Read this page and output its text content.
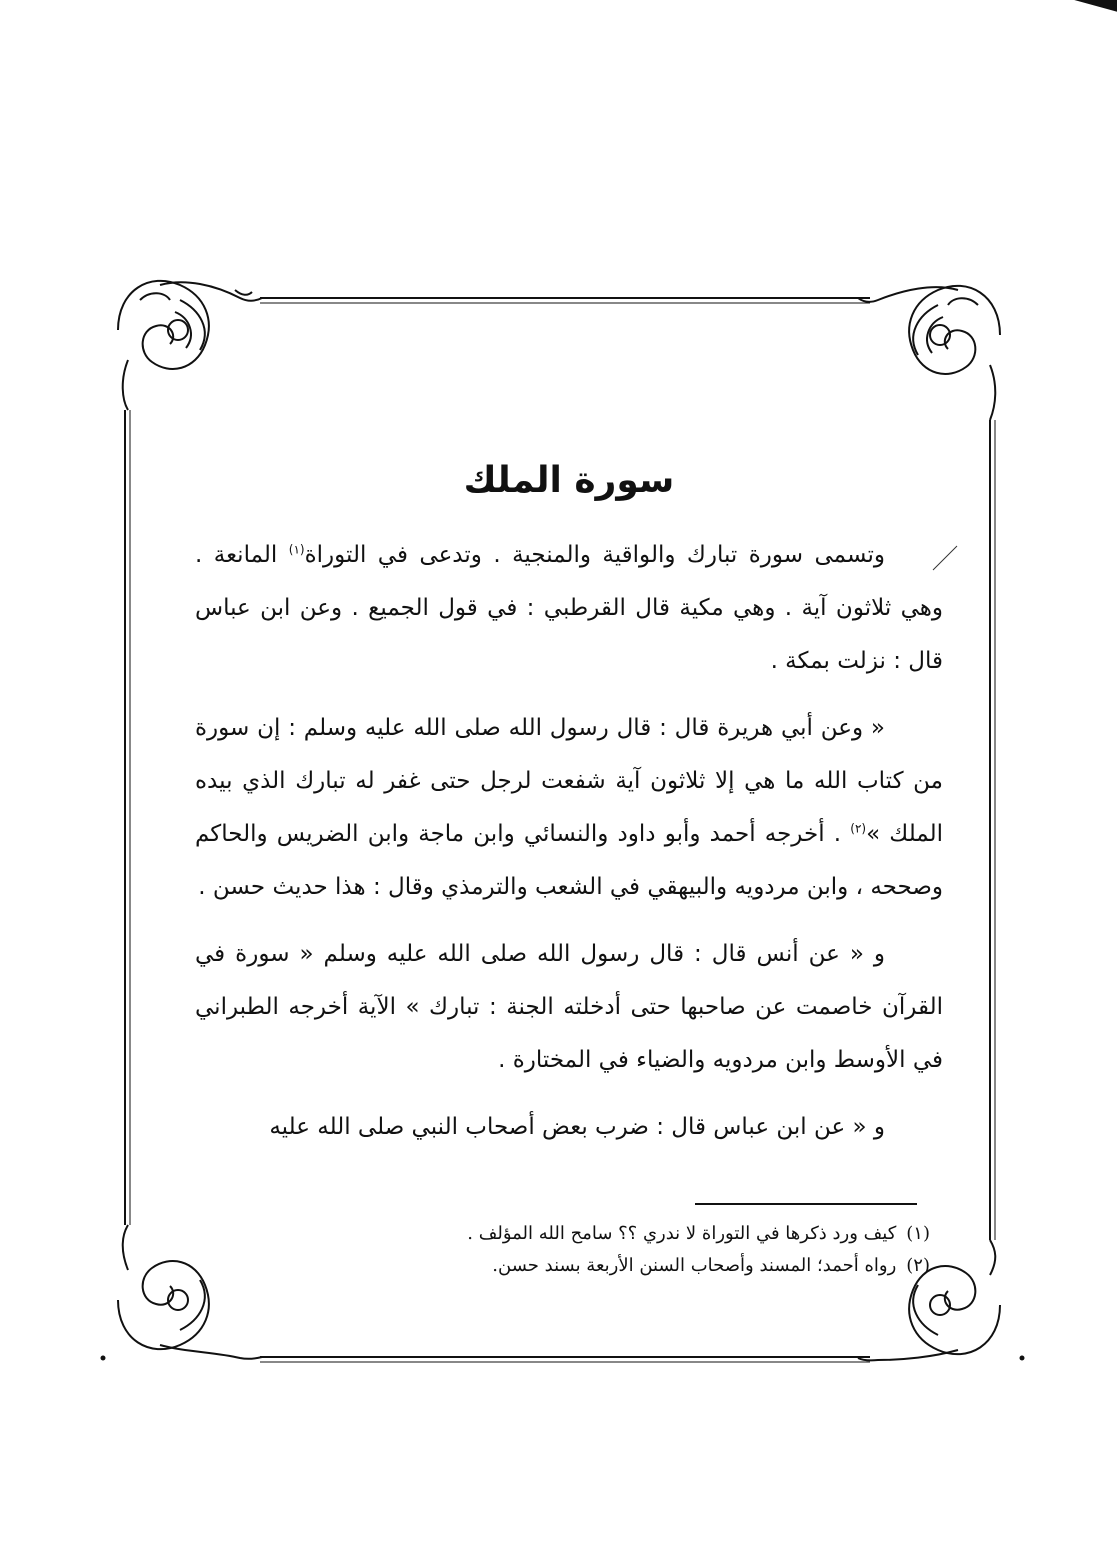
سورة الملك

وتسمى سورة تبارك والواقية والمنجية . وتدعى في التوراة$^{(١)}$ المانعة . وهي ثلاثون آية . وهي مكية قال القرطبي : في قول الجميع . وعن ابن عباس قال : نزلت بمكة .

« وعن أبي هريرة قال : قال رسول الله صلى الله عليه وسلم : إن سورة من كتاب الله ما هي إلا ثلاثون آية شفعت لرجل حتى غفر له تبارك الذي بيده الملك »$^{(٢)}$ . أخرجه أحمد وأبو داود والنسائي وابن ماجة وابن الضريس والحاكم وصححه ، وابن مردويه والبيهقي في الشعب والترمذي وقال : هذا حديث حسن .

و « عن أنس قال : قال رسول الله صلى الله عليه وسلم « سورة في القرآن خاصمت عن صاحبها حتى أدخلته الجنة : تبارك » الآية أخرجه الطبراني في الأوسط وابن مردويه والضياء في المختارة .

و « عن ابن عباس قال : ضرب بعض أصحاب النبي صلى الله عليه

(١)كيف ورد ذكرها في التوراة لا ندري ؟؟ سامح الله المؤلف .

(٢)رواه أحمد؛ المسند وأصحاب السنن الأربعة بسند حسن.
